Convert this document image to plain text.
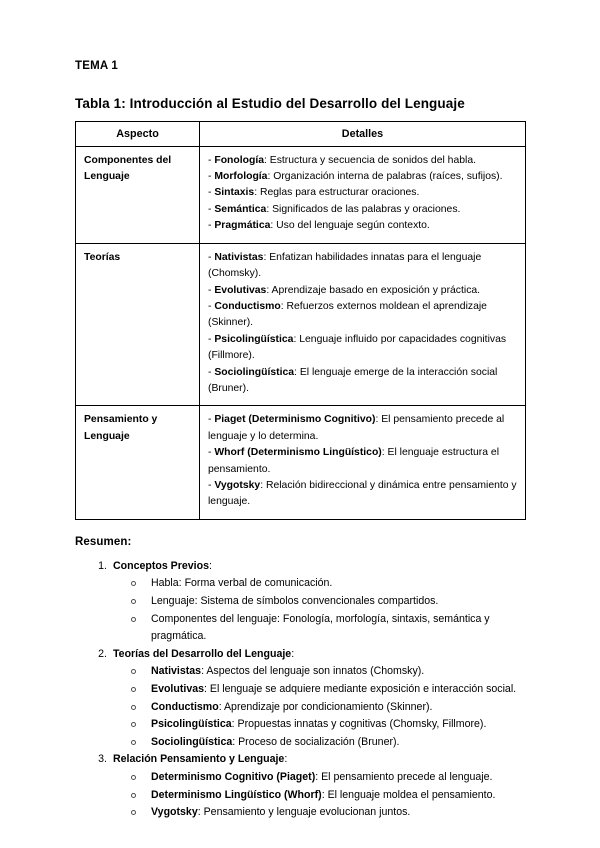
TEMA 1
Tabla 1: Introducción al Estudio del Desarrollo del Lenguaje
Aspecto	Detalles
Componentes del Lenguaje	- Fonología: Estructura y secuencia de sonidos del habla.
- Morfología: Organización interna de palabras (raíces, sufijos).
- Sintaxis: Reglas para estructurar oraciones.
- Semántica: Significados de las palabras y oraciones.
- Pragmática: Uso del lenguaje según contexto.

Teorías	- Nativistas: Enfatizan habilidades innatas para el lenguaje (Chomsky).
- Evolutivas: Aprendizaje basado en exposición y práctica.
- Conductismo: Refuerzos externos moldean el aprendizaje (Skinner).
- Psicolingüística: Lenguaje influido por capacidades cognitivas (Fillmore).
- Sociolingüística: El lenguaje emerge de la interacción social (Bruner).

Pensamiento y Lenguaje	- Piaget (Determinismo Cognitivo): El pensamiento precede al lenguaje y lo determina.
- Whorf (Determinismo Lingüístico): El lenguaje estructura el pensamiento.
- Vygotsky: Relación bidireccional y dinámica entre pensamiento y lenguaje.
Resumen:
1. Conceptos Previos:
Habla: Forma verbal de comunicación.
Lenguaje: Sistema de símbolos convencionales compartidos.
Componentes del lenguaje: Fonología, morfología, sintaxis, semántica y pragmática.
2. Teorías del Desarrollo del Lenguaje:
Nativistas: Aspectos del lenguaje son innatos (Chomsky).
Evolutivas: El lenguaje se adquiere mediante exposición e interacción social.
Conductismo: Aprendizaje por condicionamiento (Skinner).
Psicolingüística: Propuestas innatas y cognitivas (Chomsky, Fillmore).
Sociolingüística: Proceso de socialización (Bruner).
3. Relación Pensamiento y Lenguaje:
Determinismo Cognitivo (Piaget): El pensamiento precede al lenguaje.
Determinismo Lingüístico (Whorf): El lenguaje moldea el pensamiento.
Vygotsky: Pensamiento y lenguaje evolucionan juntos.
